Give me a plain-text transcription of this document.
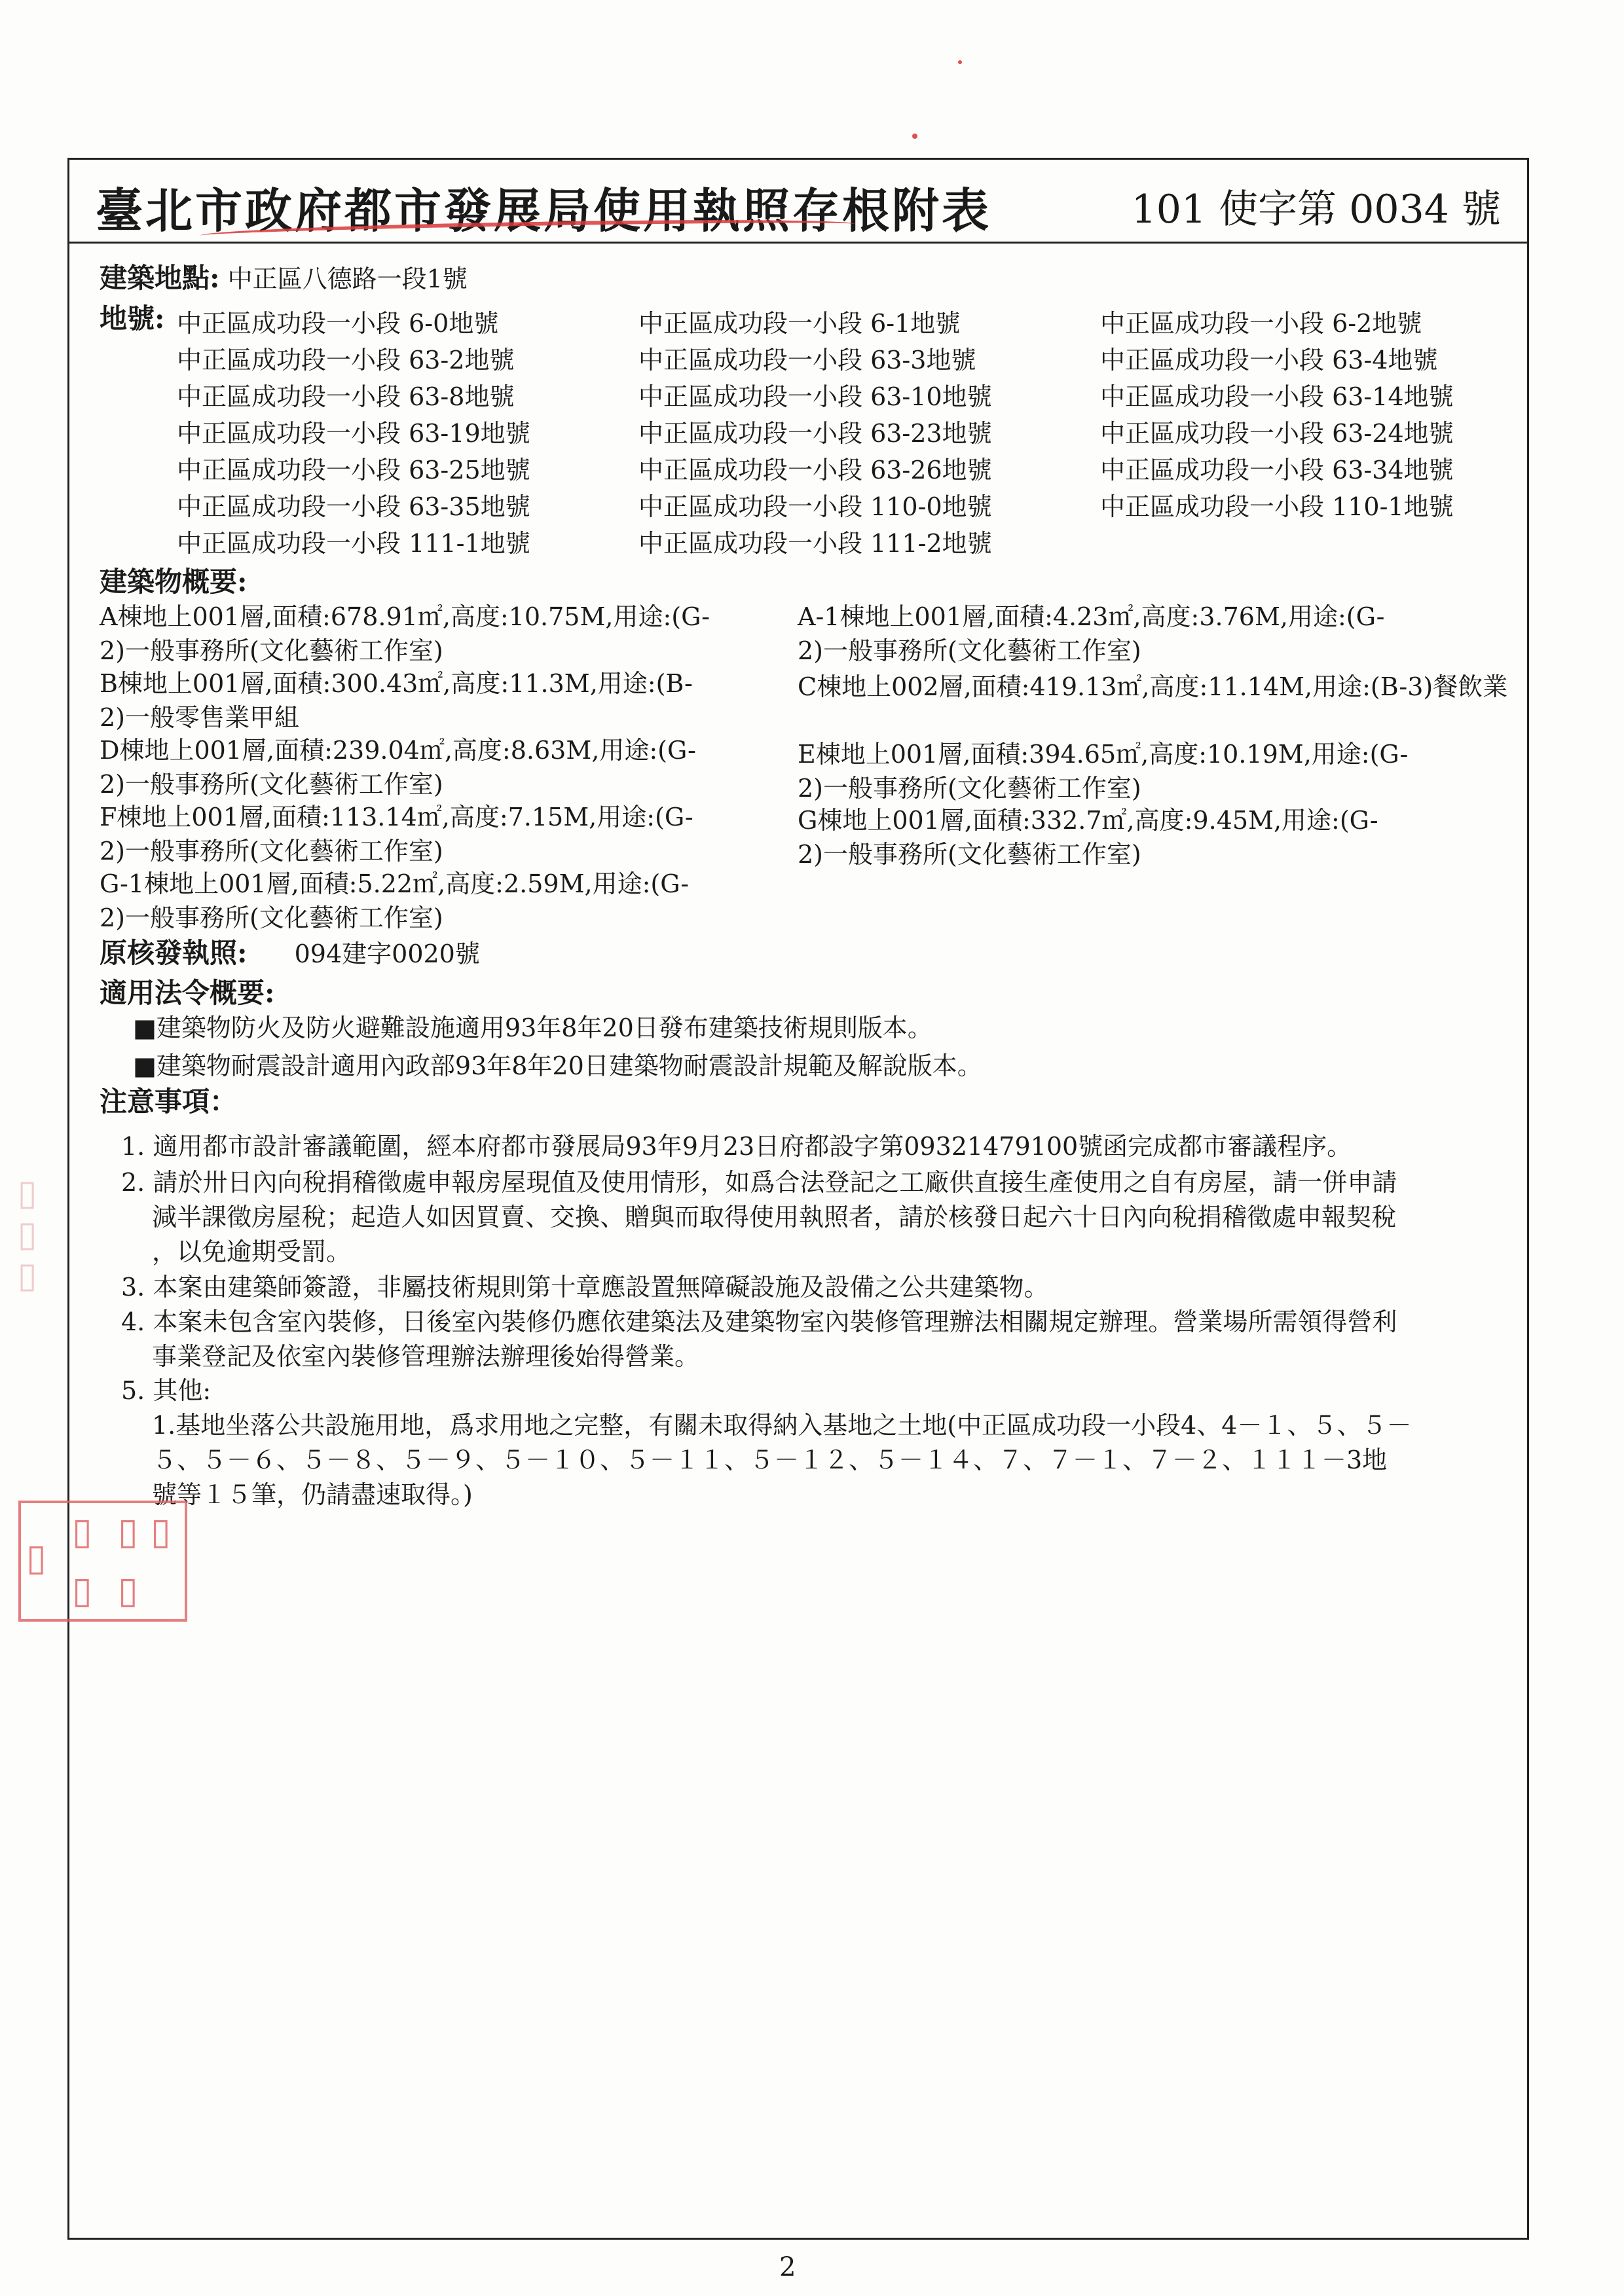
▯▯▯
臺北市政府都市發展局使用執照存根附表	101 使字第 0034 號
建築地點: 中正區八德路一段1號
地號: 中正區成功段一小段 6-0地號	中正區成功段一小段 6-1地號	中正區成功段一小段 6-2地號
中正區成功段一小段 63-2地號	中正區成功段一小段 63-3地號	中正區成功段一小段 63-4地號
中正區成功段一小段 63-8地號	中正區成功段一小段 63-10地號	中正區成功段一小段 63-14地號
中正區成功段一小段 63-19地號	中正區成功段一小段 63-23地號	中正區成功段一小段 63-24地號
中正區成功段一小段 63-25地號	中正區成功段一小段 63-26地號	中正區成功段一小段 63-34地號
中正區成功段一小段 63-35地號	中正區成功段一小段 110-0地號	中正區成功段一小段 110-1地號
中正區成功段一小段 111-1地號	中正區成功段一小段 111-2地號
建築物概要:
A棟地上001層,面積:678.91㎡,高度:10.75M,用途:(G-
2)一般事務所(文化藝術工作室)
B棟地上001層,面積:300.43㎡,高度:11.3M,用途:(B-
2)一般零售業甲組
D棟地上001層,面積:239.04㎡,高度:8.63M,用途:(G-
2)一般事務所(文化藝術工作室)
F棟地上001層,面積:113.14㎡,高度:7.15M,用途:(G-
2)一般事務所(文化藝術工作室)
G-1棟地上001層,面積:5.22㎡,高度:2.59M,用途:(G-
2)一般事務所(文化藝術工作室)
A-1棟地上001層,面積:4.23㎡,高度:3.76M,用途:(G-
2)一般事務所(文化藝術工作室)
C棟地上002層,面積:419.13㎡,高度:11.14M,用途:(B-3)餐飲業
E棟地上001層,面積:394.65㎡,高度:10.19M,用途:(G-
2)一般事務所(文化藝術工作室)
G棟地上001層,面積:332.7㎡,高度:9.45M,用途:(G-
2)一般事務所(文化藝術工作室)
原核發執照: 094建字0020號
適用法令概要:
■建築物防火及防火避難設施適用93年8年20日發布建築技術規則版本。
■建築物耐震設計適用內政部93年8年20日建築物耐震設計規範及解說版本。
注意事項：
1. 適用都市設計審議範圍，經本府都市發展局93年9月23日府都設字第09321479100號函完成都市審議程序。
2. 請於卅日內向稅捐稽徵處申報房屋現值及使用情形，如爲合法登記之工廠供直接生產使用之自有房屋，請一併申請
減半課徵房屋稅；起造人如因買賣、交換、贈與而取得使用執照者，請於核發日起六十日內向稅捐稽徵處申報契稅
，以免逾期受罰。
3. 本案由建築師簽證，非屬技術規則第十章應設置無障礙設施及設備之公共建築物。
4. 本案未包含室內裝修，日後室內裝修仍應依建築法及建築物室內裝修管理辦法相關規定辦理。營業場所需領得營利
事業登記及依室內裝修管理辦法辦理後始得營業。
5. 其他:
1.基地坐落公共設施用地，爲求用地之完整，有關未取得納入基地之土地(中正區成功段一小段4、4－１、５、５－
５、５－６、５－８、５－９、５－１０、５－１１、５－１２、５－１４、７、７－１、７－２、１１１－3地
號等１５筆，仍請盡速取得。)
▯
▯ ▯ ▯
▯ ▯
2
